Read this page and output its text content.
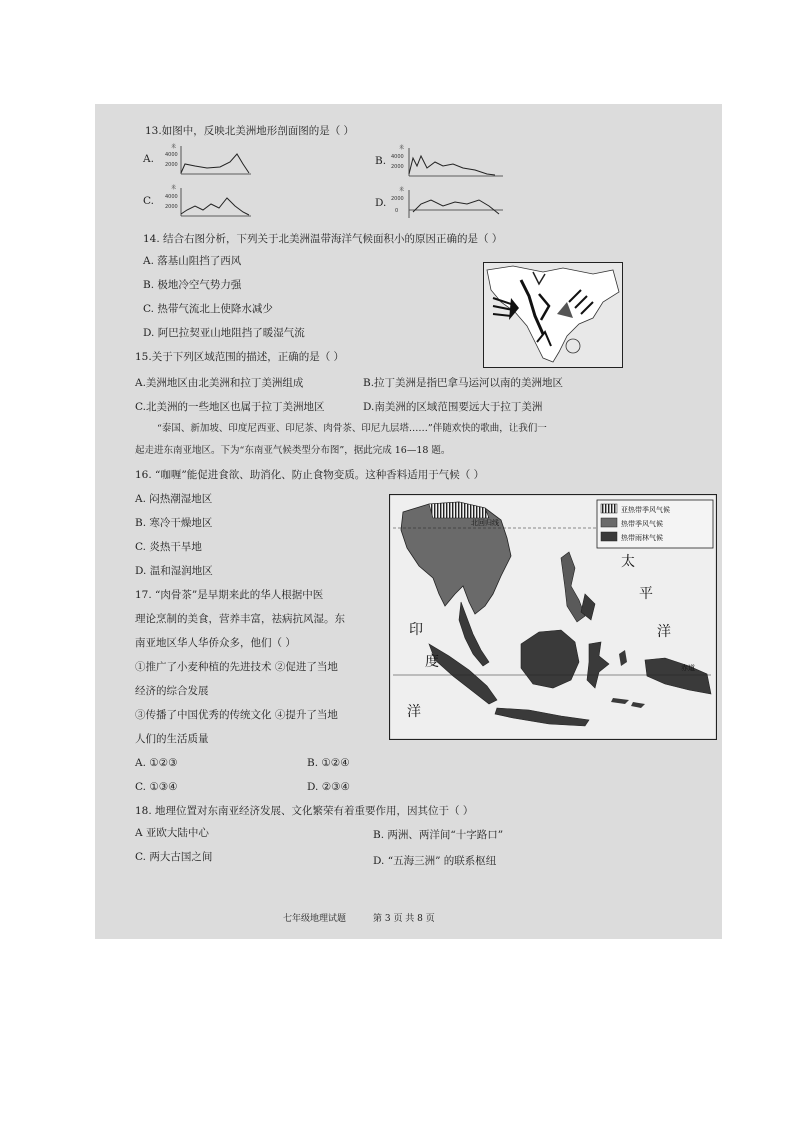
13.如图中，反映北美洲地形剖面图的是（ ）
A.
米
4000
2000	B.
米
4000
2000
C.
米
4000
2000	D.
米
2000
0
14. 结合右图分析，下列关于北美洲温带海洋气候面积小的原因正确的是（ ）
A. 落基山阻挡了西风
B. 极地冷空气势力强
C. 热带气流北上使降水减少
D. 阿巴拉契亚山地阻挡了暖湿气流
15.关于下列区域范围的描述，正确的是（ ）
A.美洲地区由北美洲和拉丁美洲组成	B.拉丁美洲是指巴拿马运河以南的美洲地区
C.北美洲的一些地区也属于拉丁美洲地区	D.南美洲的区域范围要远大于拉丁美洲
“泰国、新加坡、印度尼西亚、印尼茶、肉骨茶、印尼九层塔……”伴随欢快的歌曲，让我们一
起走进东南亚地区。下为“东南亚气候类型分布图”，据此完成 16—18 题。
16. “咖喱”能促进食欲、助消化、防止食物变质。这种香料适用于气候（ ）
A. 闷热潮湿地区
B. 寒冷干燥地区
C. 炎热干旱地
D. 温和湿润地区
17. “肉骨茶”是早期来此的华人根据中医
理论烹制的美食，营养丰富，祛病抗风湿。东
南亚地区华人华侨众多，他们（ ）
①推广了小麦种植的先进技术 ②促进了当地
经济的综合发展
③传播了中国优秀的传统文化 ④提升了当地
人们的生活质量
A. ①②③	B. ①②④
C. ①③④	D. ②③④
北回归线
赤道
印
度
洋
太
平
洋
亚热带季风气候
热带季风气候
热带雨林气候
18. 地理位置对东南亚经济发展、文化繁荣有着重要作用，因其位于（ ）
A 亚欧大陆中心	B. 两洲、两洋间“十字路口”
C. 两大古国之间	D. “五海三洲” 的联系枢纽
七年级地理试题	第 3 页 共 8 页
